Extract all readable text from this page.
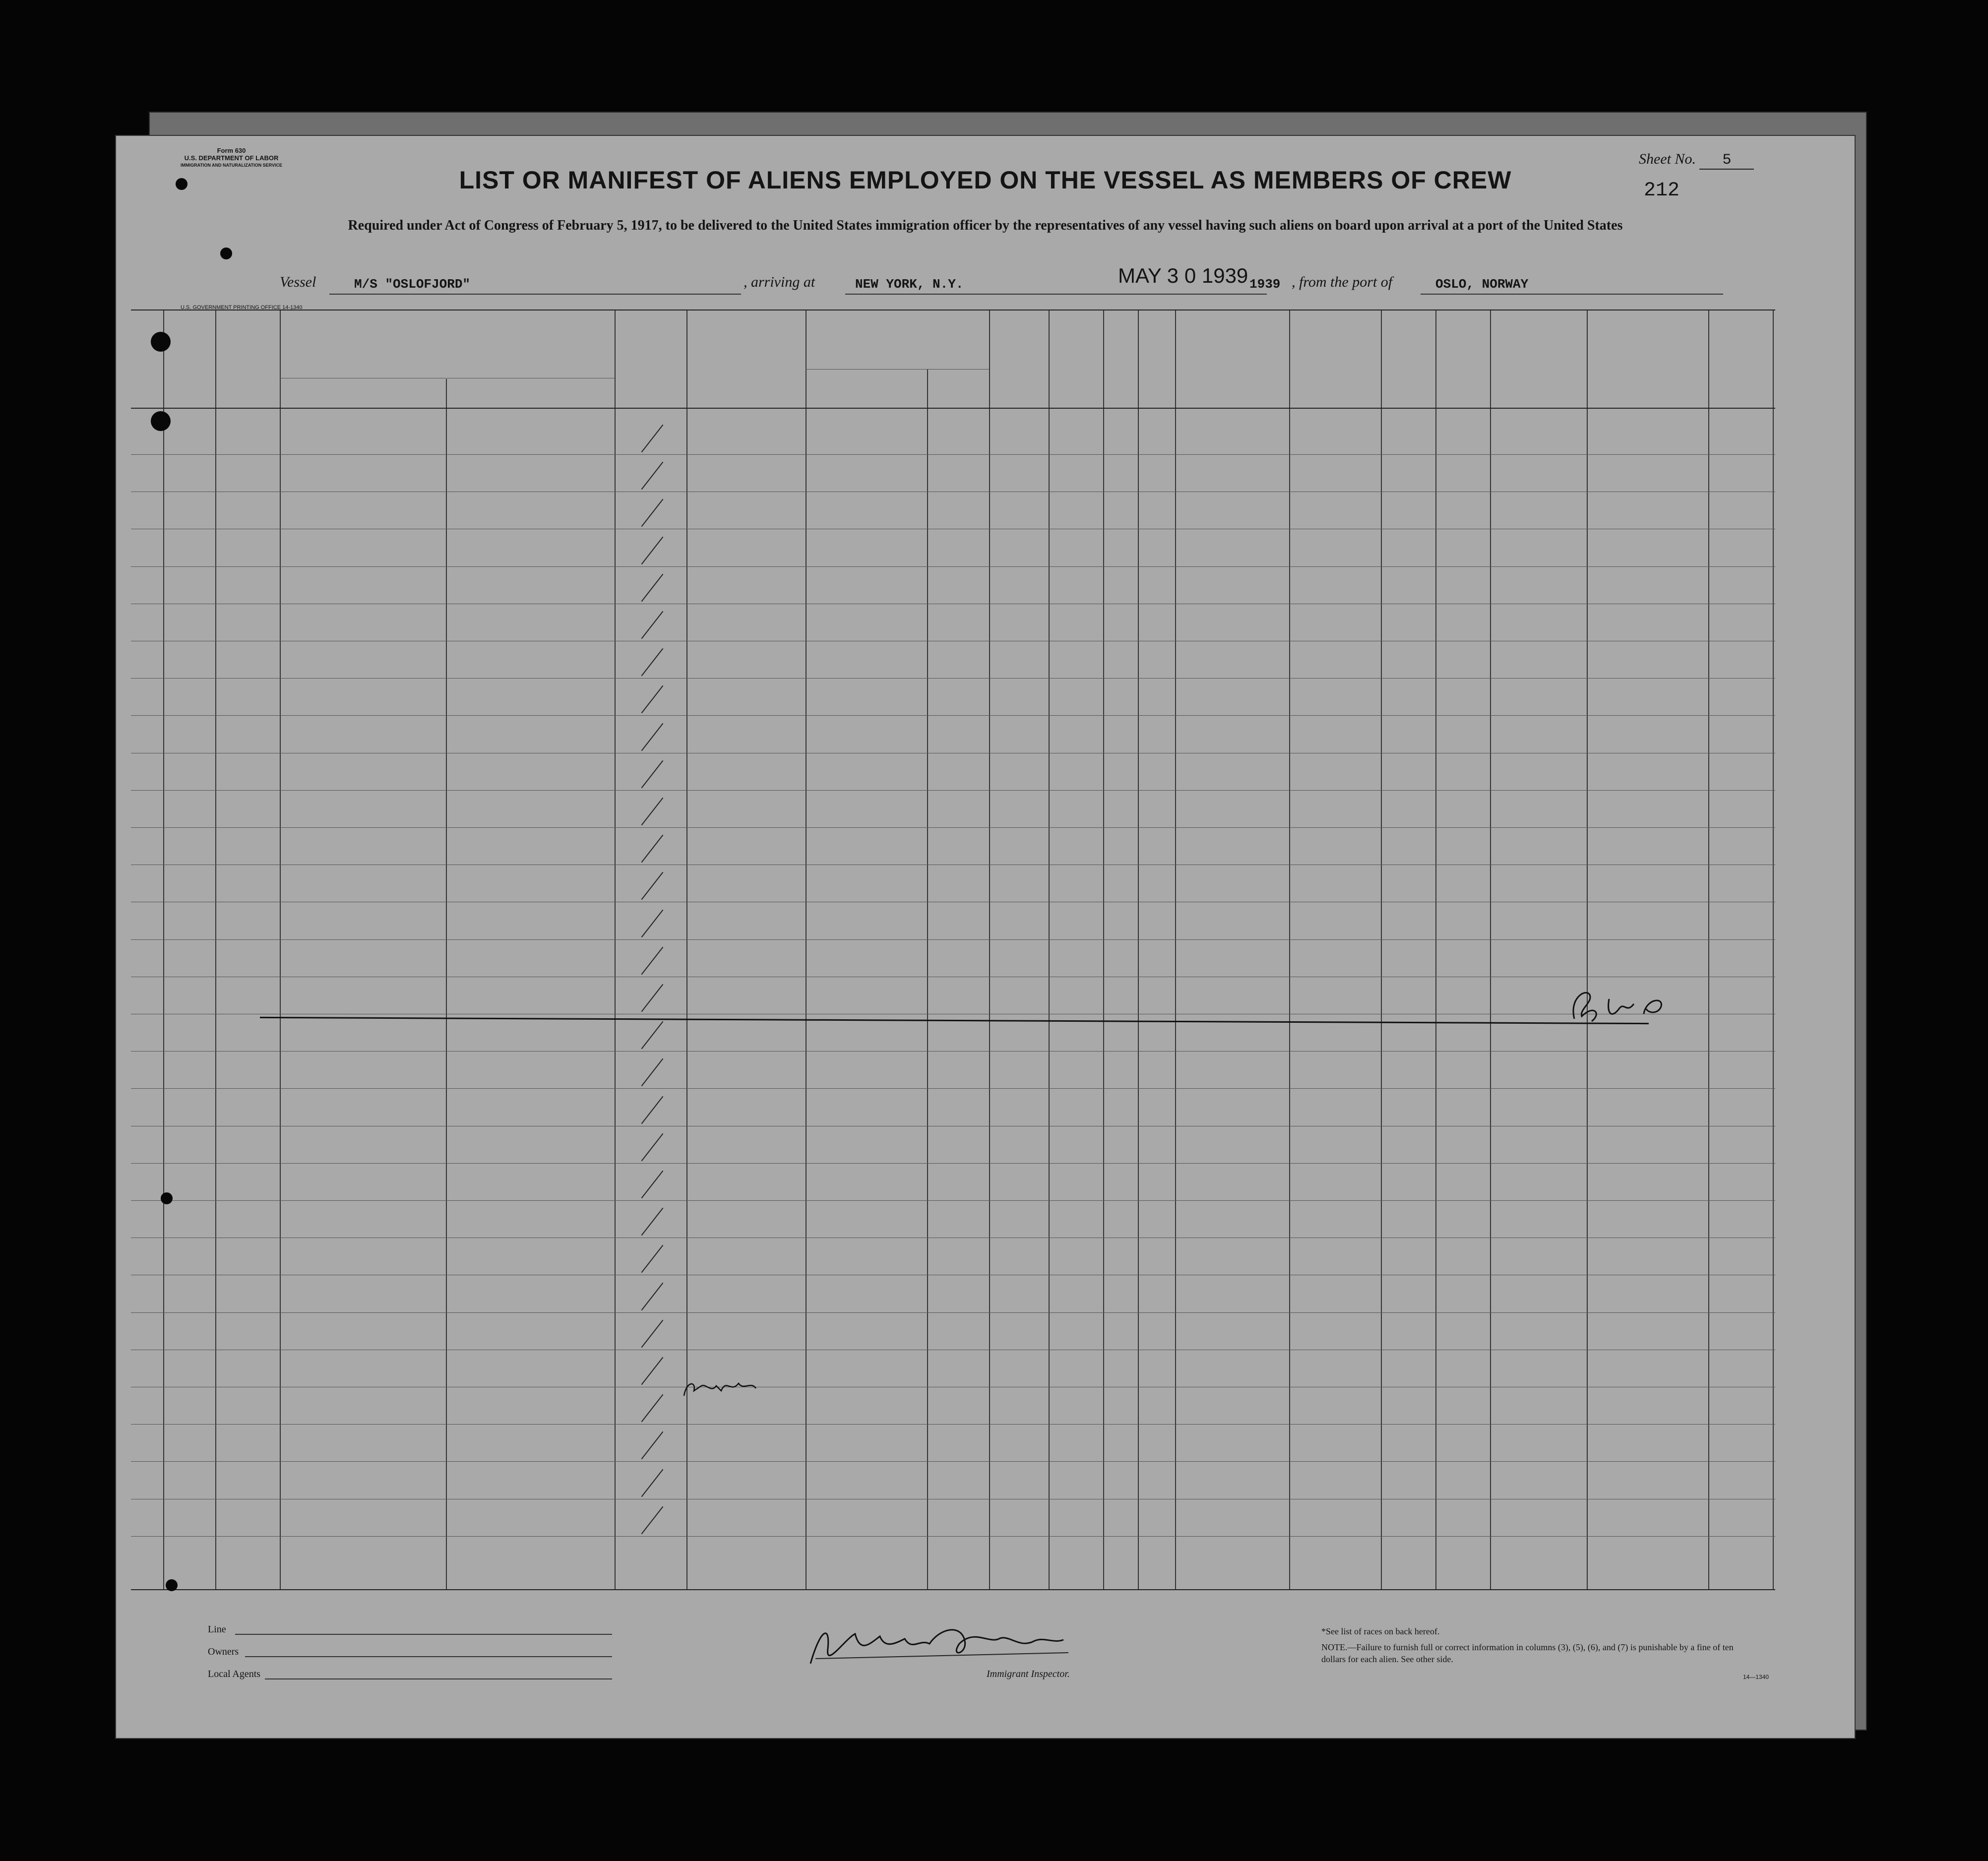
Form 630
U.S. DEPARTMENT OF LABOR
IMMIGRATION AND NATURALIZATION SERVICE	Sheet No. 5
212
LIST OR MANIFEST OF ALIENS EMPLOYED ON THE VESSEL AS MEMBERS OF CREW
Required under Act of Congress of February 5, 1917, to be delivered to the United States immigration officer by the representatives of any vessel having such aliens on board upon arrival at a port of the United States
Vessel	M/S "OSLOFJORD"	, arriving at	NEW YORK, N.Y.	MAY 3 0 1939 1939 , from the port of	OSLO, NORWAY
U.S. GOVERNMENT PRINTING OFFICE 14-1340
Line
Owners
Local Agents	Immigrant Inspector.
*See list of races on back hereof.
NOTE.—Failure to furnish full or correct information in columns (3), (5), (6), and (7) is punishable by a fine of ten dollars for each alien. See other side.
14—1340
